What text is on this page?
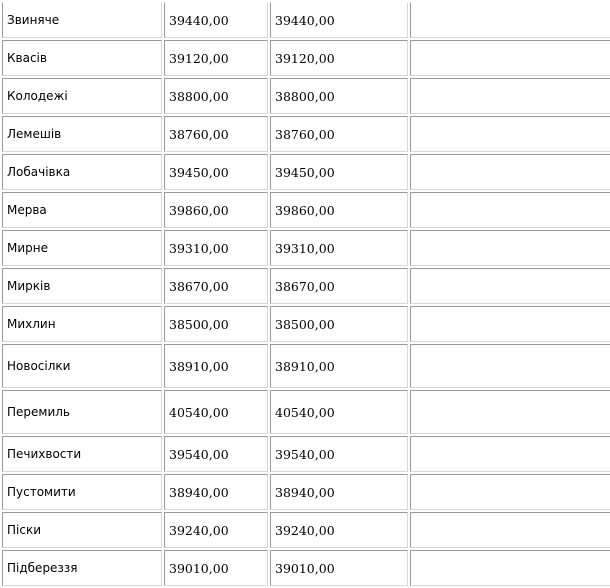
Звиняче	39440,00	39440,00	
Квасів	39120,00	39120,00	
Колодежі	38800,00	38800,00	
Лемешів	38760,00	38760,00	
Лобачівка	39450,00	39450,00	
Мерва	39860,00	39860,00	
Мирне	39310,00	39310,00	
Мирків	38670,00	38670,00	
Михлин	38500,00	38500,00	
Новосілки	38910,00	38910,00	
Перемиль	40540,00	40540,00	
Печихвости	39540,00	39540,00	
Пустомити	38940,00	38940,00	
Піски	39240,00	39240,00	
Підбереззя	39010,00	39010,00	
